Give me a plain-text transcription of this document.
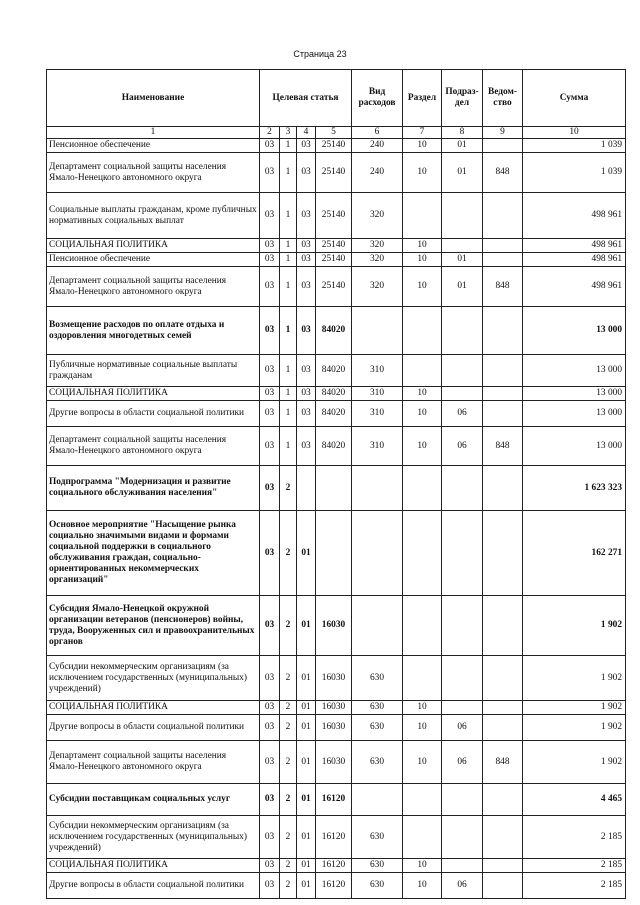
Страница 23
Наименование	Целевая статья				Вид расходов	Раздел	Подраз-дел	Ведом-ство	Сумма
1	2	3	4	5	6	7	8	9	10
Пенсионное обеспечение	03	1	03	25140	240	10	01		1 039
Департамент социальной защиты населения Ямало-Ненецкого автономного округа	03	1	03	25140	240	10	01	848	1 039
Социальные выплаты гражданам, кроме публичных нормативных социальных выплат	03	1	03	25140	320				498 961
СОЦИАЛЬНАЯ ПОЛИТИКА	03	1	03	25140	320	10			498 961
Пенсионное обеспечение	03	1	03	25140	320	10	01		498 961
Департамент социальной защиты населения Ямало-Ненецкого автономного округа	03	1	03	25140	320	10	01	848	498 961
Возмещение расходов по оплате отдыха и оздоровления многодетных семей	03	1	03	84020					13 000
Публичные нормативные социальные выплаты гражданам	03	1	03	84020	310				13 000
СОЦИАЛЬНАЯ ПОЛИТИКА	03	1	03	84020	310	10			13 000
Другие вопросы в области социальной политики	03	1	03	84020	310	10	06		13 000
Департамент социальной защиты населения Ямало-Ненецкого автономного округа	03	1	03	84020	310	10	06	848	13 000
Подпрограмма "Модернизация и развитие социального обслуживания населения"	03	2							1 623 323
Основное мероприятие "Насыщение рынка социально значимыми видами и формами социальной поддержки в социального обслуживания граждан, социально-ориентированных некоммерческих организаций"	03	2	01						162 271
Субсидия Ямало-Ненецкой окружной организации ветеранов (пенсионеров) войны, труда, Вооруженных сил и правоохранительных органов	03	2	01	16030					1 902
Субсидии некоммерческим организациям (за исключением государственных (муниципальных) учреждений)	03	2	01	16030	630				1 902
СОЦИАЛЬНАЯ ПОЛИТИКА	03	2	01	16030	630	10			1 902
Другие вопросы в области социальной политики	03	2	01	16030	630	10	06		1 902
Департамент социальной защиты населения Ямало-Ненецкого автономного округа	03	2	01	16030	630	10	06	848	1 902
Субсидии поставщикам социальных услуг	03	2	01	16120					4 465
Субсидии некоммерческим организациям (за исключением государственных (муниципальных) учреждений)	03	2	01	16120	630				2 185
СОЦИАЛЬНАЯ ПОЛИТИКА	03	2	01	16120	630	10			2 185
Другие вопросы в области социальной политики	03	2	01	16120	630	10	06		2 185
